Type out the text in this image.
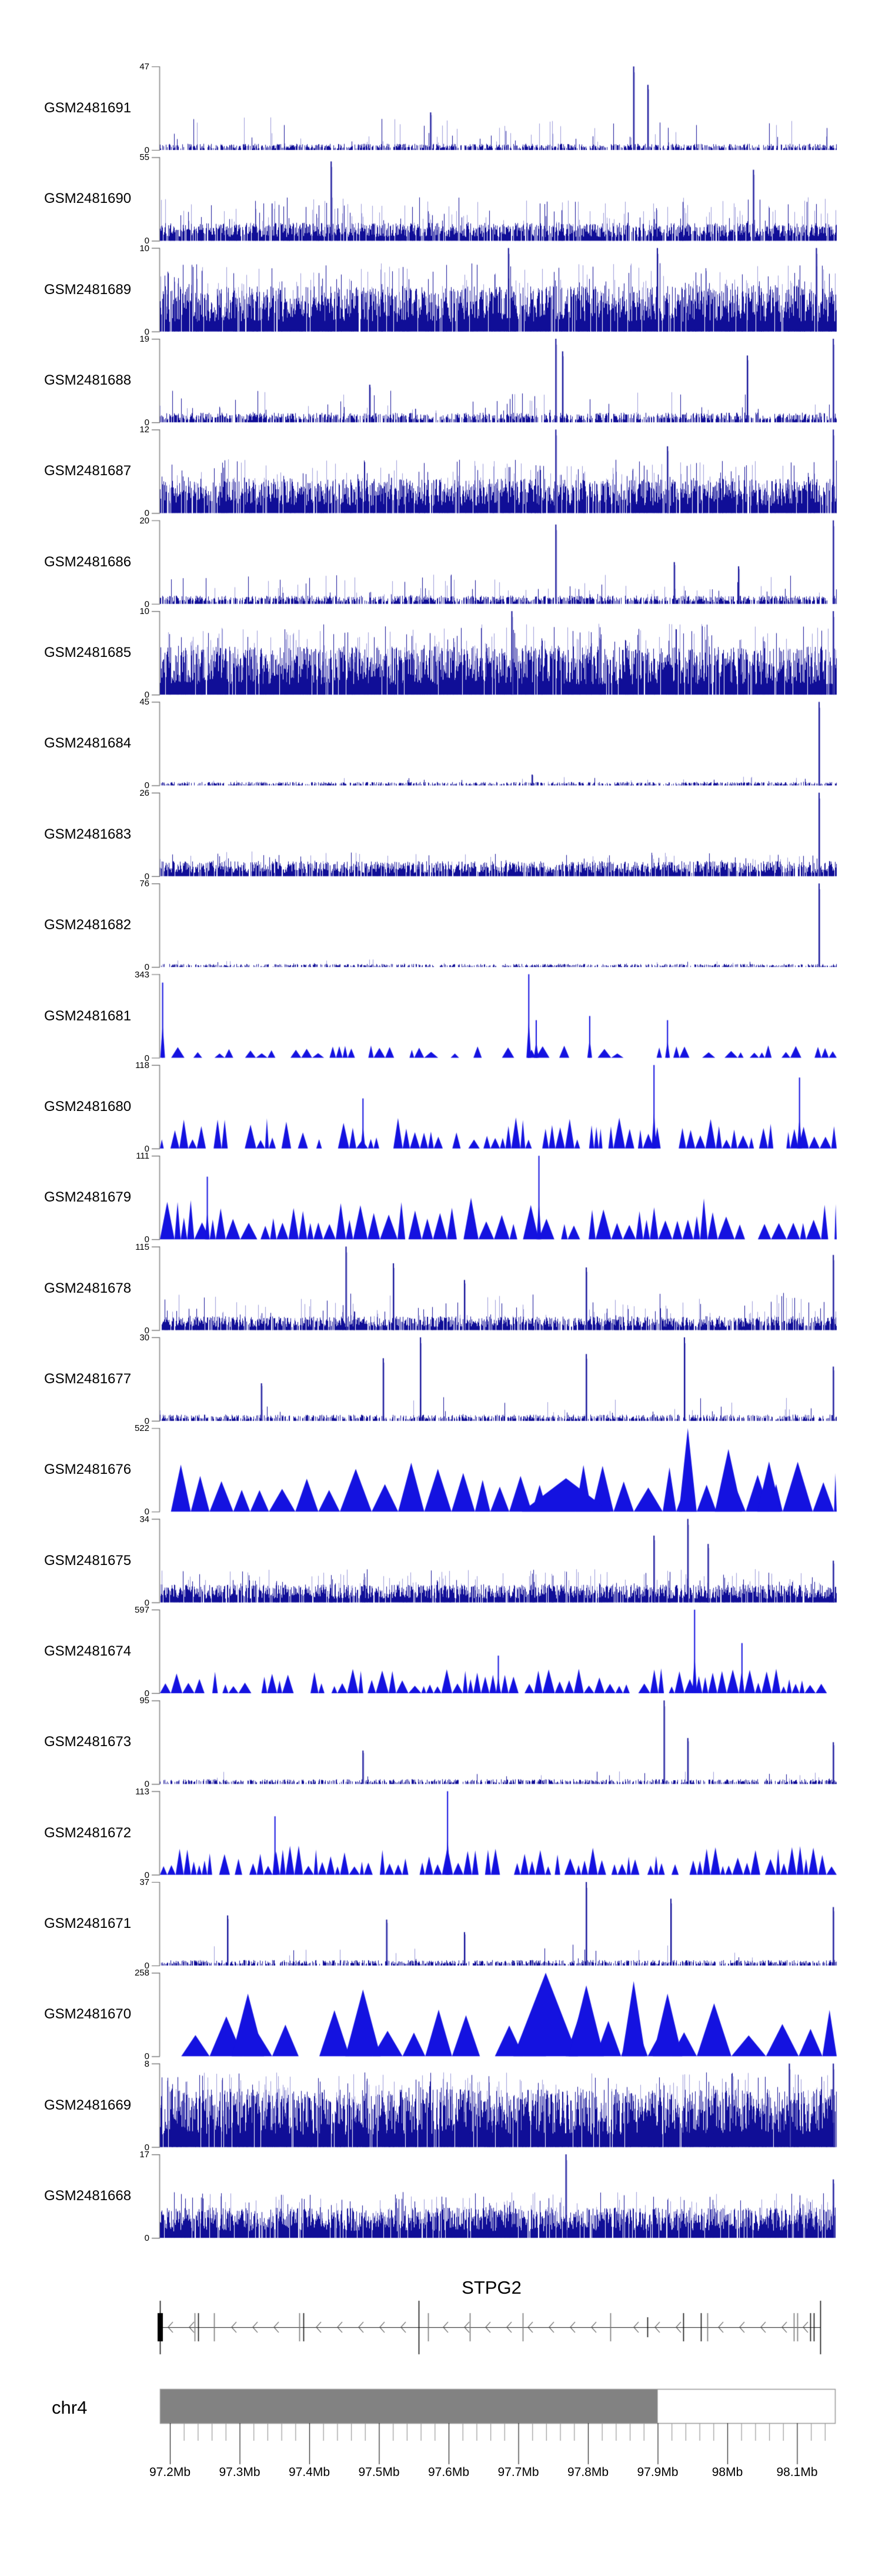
STPG2
chr4
GSM2481691
47
0
GSM2481690
55
0
GSM2481689
10
0
GSM2481688
19
0
GSM2481687
12
0
GSM2481686
20
0
GSM2481685
10
0
GSM2481684
45
0
GSM2481683
26
0
GSM2481682
76
0
GSM2481681
343
0
GSM2481680
118
0
GSM2481679
111
0
GSM2481678
115
0
GSM2481677
30
0
GSM2481676
522
0
GSM2481675
34
0
GSM2481674
597
0
GSM2481673
95
0
GSM2481672
113
0
GSM2481671
37
0
GSM2481670
258
0
GSM2481669
8
0
GSM2481668
17
0
97.2Mb	97.3Mb	97.4Mb	97.5Mb	97.6Mb	97.7Mb	97.8Mb	97.9Mb	98Mb	98.1Mb
